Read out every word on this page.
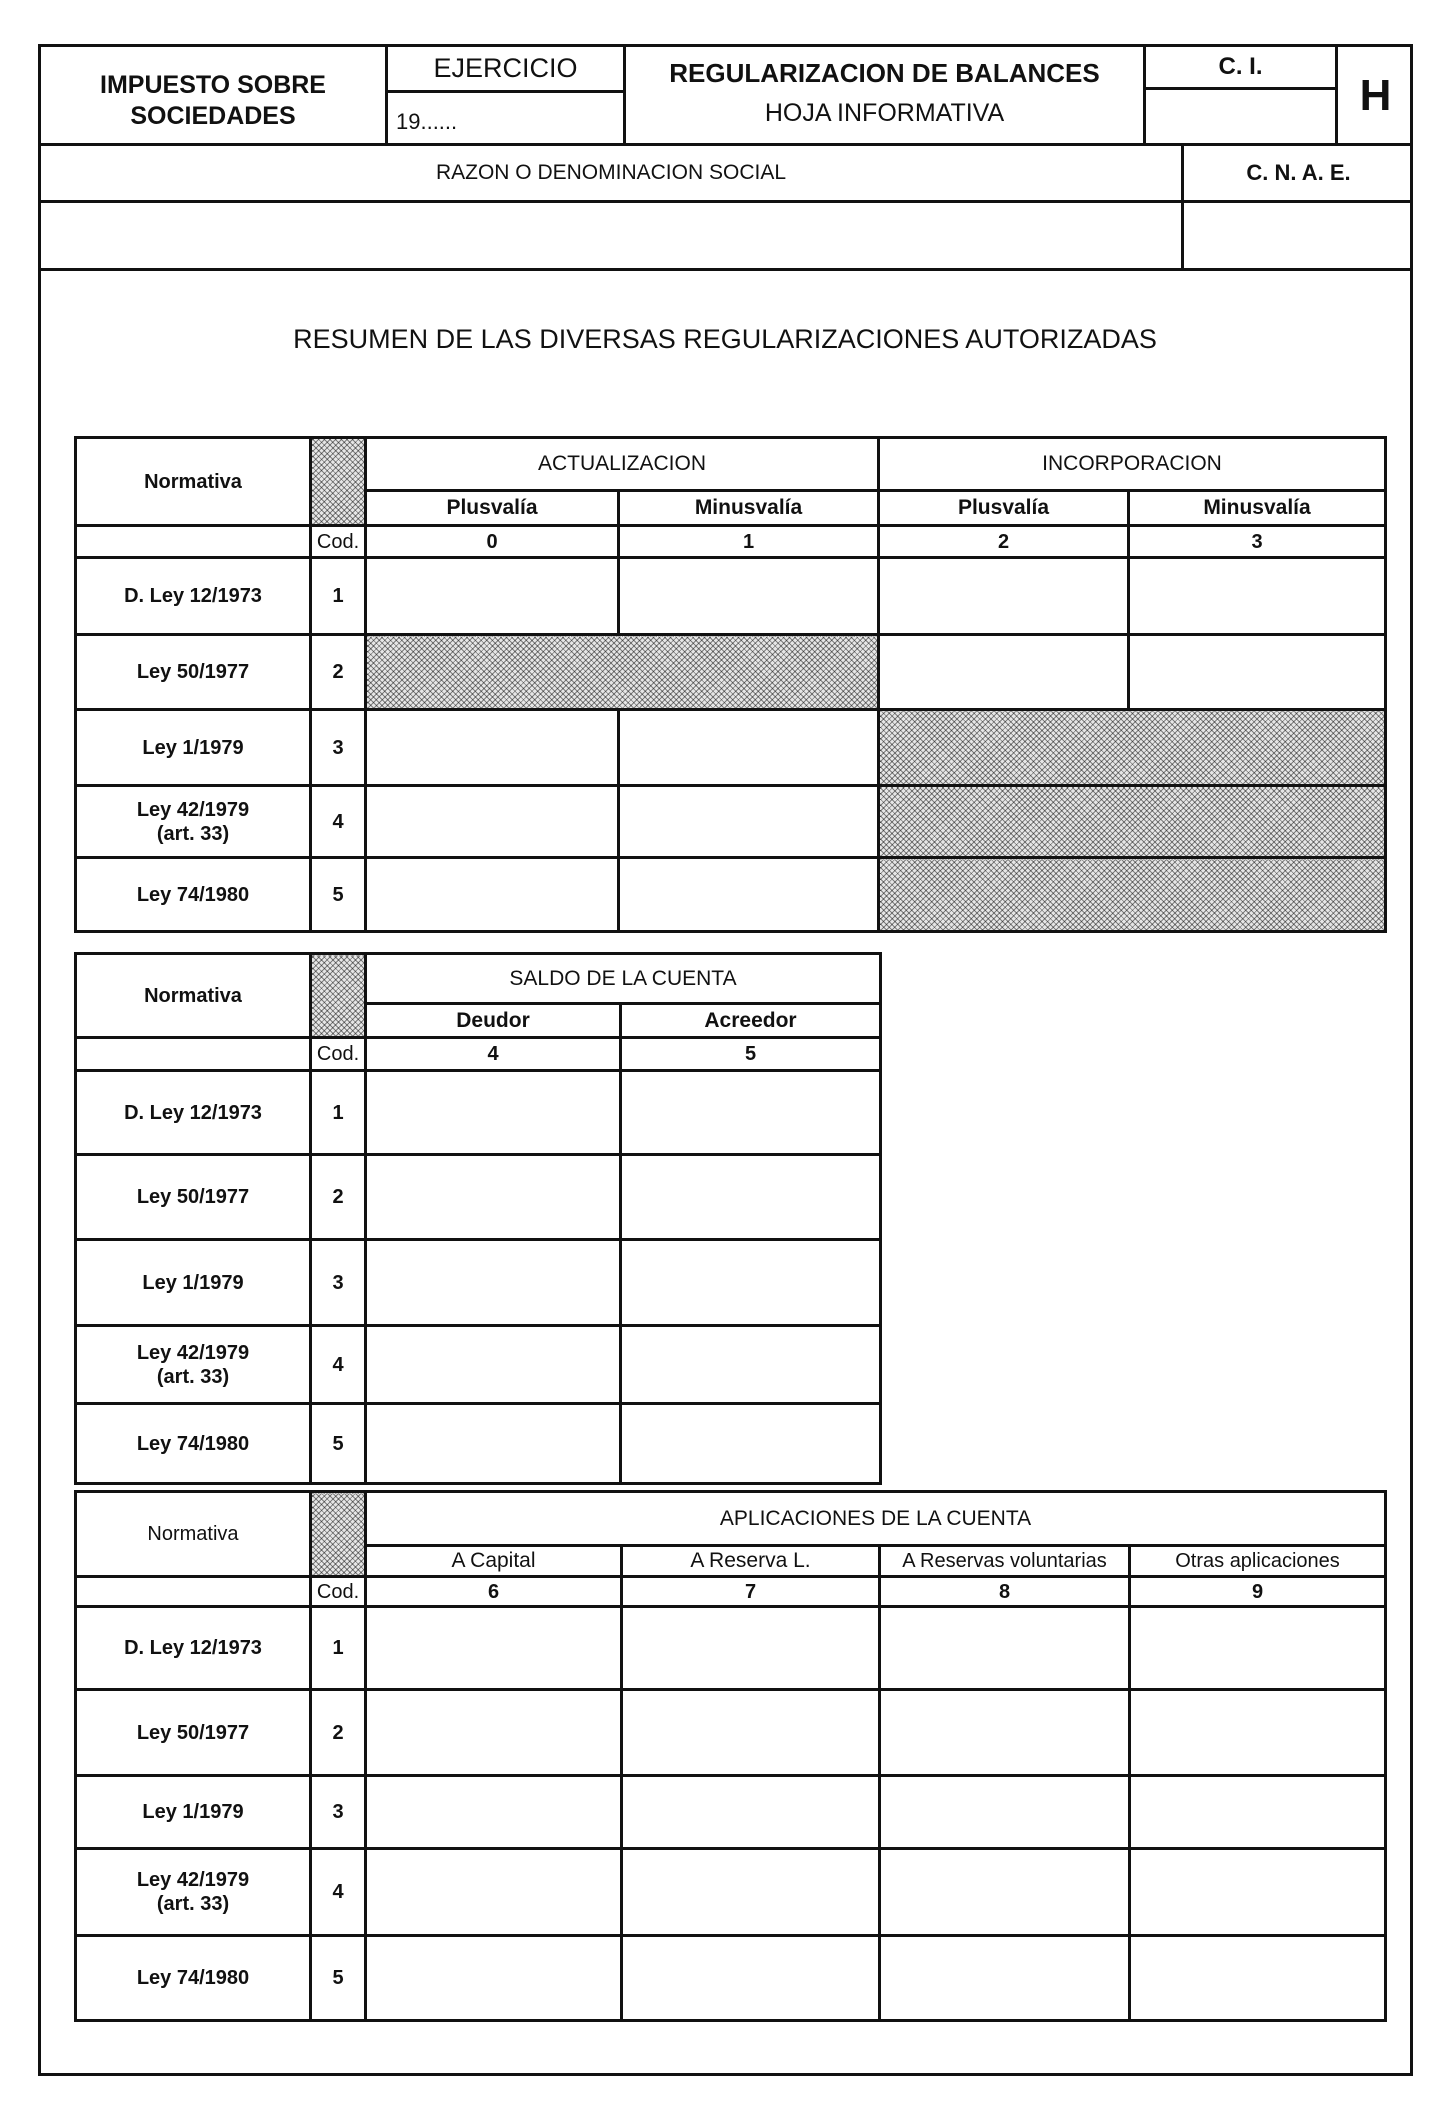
IMPUESTO SOBRE
SOCIEDADES
EJERCICIO
19......
REGULARIZACION DE BALANCES
HOJA INFORMATIVA
C. I.
H
RAZON O DENOMINACION SOCIAL	C. N. A. E.
RESUMEN DE LAS DIVERSAS REGULARIZACIONES AUTORIZADAS
Normativa		ACTUALIZACION		INCORPORACION	
		Plusvalía	Minusvalía	Plusvalía	Minusvalía
	Cod.	0	1	2	3
D. Ley 12/1973	1				
Ley 50/1977	2				
Ley 1/1979	3				
Ley 42/1979
(art. 33)	4				
Ley 74/1980	5				
Normativa		SALDO DE LA CUENTA	
		Deudor	Acreedor
	Cod.	4	5
D. Ley 12/1973	1		
Ley 50/1977	2		
Ley 1/1979	3		
Ley 42/1979
(art. 33)	4		
Ley 74/1980	5		
Normativa		APLICACIONES DE LA CUENTA			
		A Capital	A Reserva L.	A Reservas voluntarias	Otras aplicaciones
	Cod.	6	7	8	9
D. Ley 12/1973	1				
Ley 50/1977	2				
Ley 1/1979	3				
Ley 42/1979
(art. 33)	4				
Ley 74/1980	5				
